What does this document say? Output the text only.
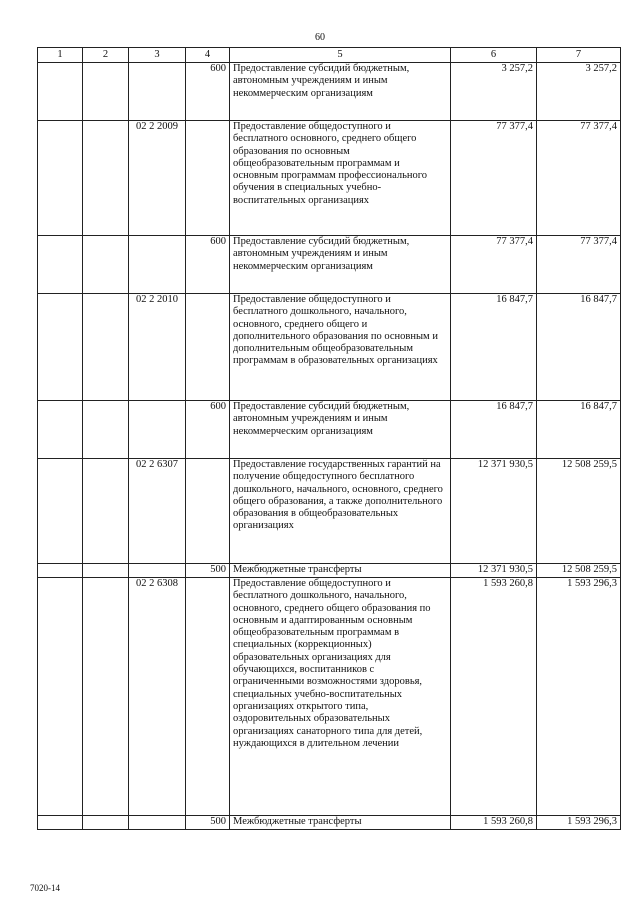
60
1	2	3	4	5	6	7
			600	Предоставление субсидий бюджетным, автономным учреждениям и иным некоммерческим организациям	3 257,2	3 257,2
		02 2 2009		Предоставление общедоступного и бесплатного основного, среднего общего образования по основным общеобразовательным программам и основным программам профессионального обучения в специальных учебно-воспитательных организациях	77 377,4	77 377,4
			600	Предоставление субсидий бюджетным, автономным учреждениям и иным некоммерческим организациям	77 377,4	77 377,4
		02 2 2010		Предоставление общедоступного и бесплатного дошкольного, начального, основного, среднего общего и дополнительного образования по основным и дополнительным общеобразовательным программам в образовательных организациях	16 847,7	16 847,7
			600	Предоставление субсидий бюджетным, автономным учреждениям и иным некоммерческим организациям	16 847,7	16 847,7
		02 2 6307		Предоставление государственных гарантий на получение общедоступного бесплатного дошкольного, начального, основного, среднего общего образования, а также дополнительного образования в общеобразовательных организациях	12 371 930,5	12 508 259,5
			500	Межбюджетные трансферты	12 371 930,5	12 508 259,5
		02 2 6308		Предоставление общедоступного и бесплатного дошкольного, начального, основного, среднего общего образования по основным и адаптированным основным общеобразовательным программам в специальных (коррекционных) образовательных организациях для обучающихся, воспитанников с ограниченными возможностями здоровья, специальных учебно-воспитательных организациях открытого типа, оздоровительных образовательных организациях санаторного типа для детей, нуждающихся в длительном лечении	1 593 260,8	1 593 296,3
			500	Межбюджетные трансферты	1 593 260,8	1 593 296,3
7020-14
